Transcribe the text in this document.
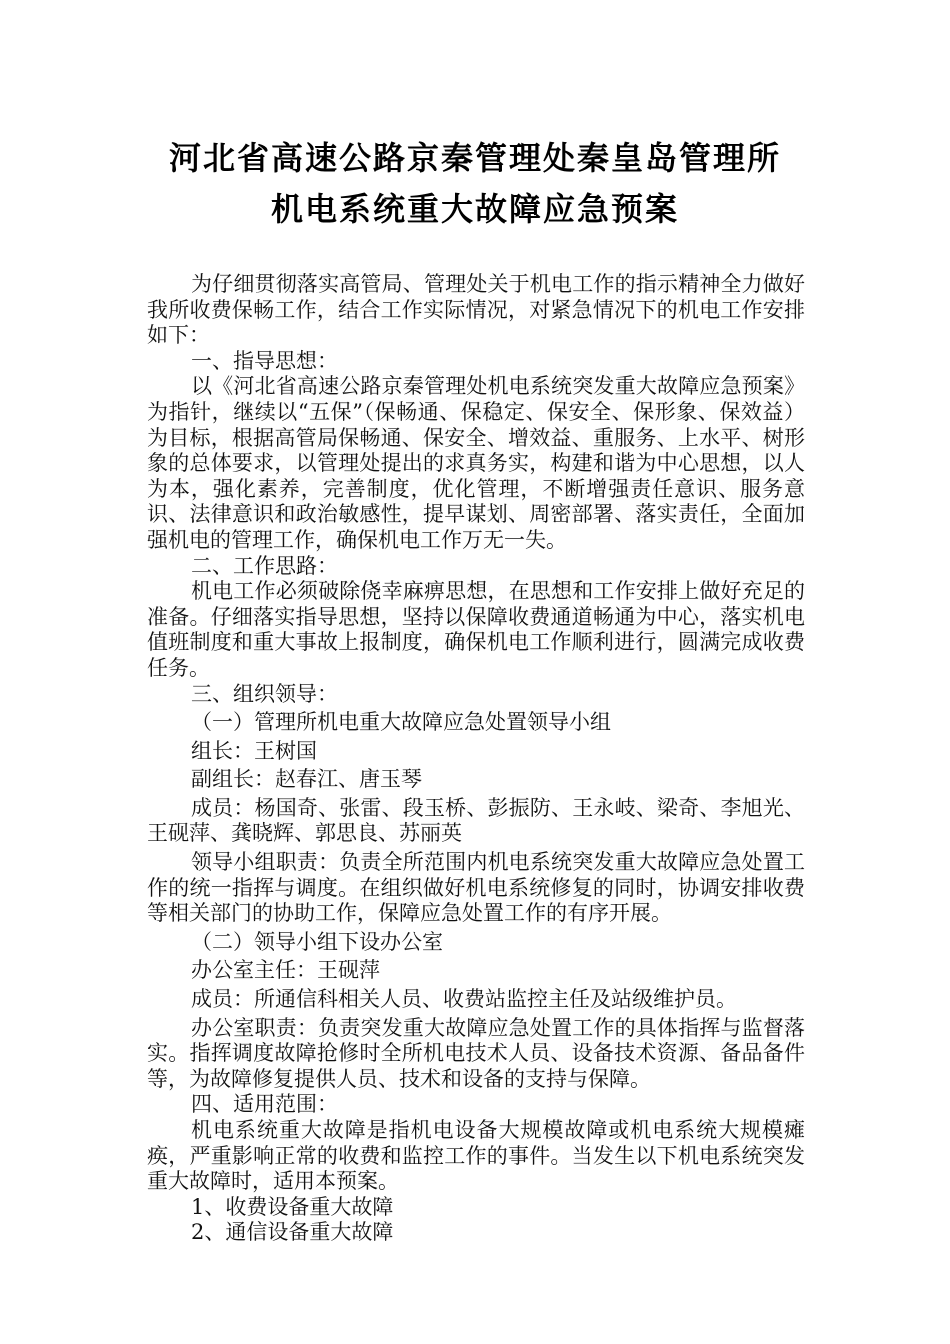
河北省高速公路京秦管理处秦皇岛管理所
机电系统重大故障应急预案

为仔细贯彻落实高管局、管理处关于机电工作的指示精神全力做好我所收费保畅工作，结合工作实际情况，对紧急情况下的机电工作安排如下：

一、指导思想：

以《河北省高速公路京秦管理处机电系统突发重大故障应急预案》为指针，继续以“五保”（保畅通、保稳定、保安全、保形象、保效益）为目标，根据高管局保畅通、保安全、增效益、重服务、上水平、树形象的总体要求，以管理处提出的求真务实，构建和谐为中心思想，以人为本，强化素养，完善制度，优化管理，不断增强责任意识、服务意识、法律意识和政治敏感性，提早谋划、周密部署、落实责任，全面加强机电的管理工作，确保机电工作万无一失。

二、工作思路：

机电工作必须破除侥幸麻痹思想，在思想和工作安排上做好充足的准备。仔细落实指导思想，坚持以保障收费通道畅通为中心，落实机电值班制度和重大事故上报制度，确保机电工作顺利进行，圆满完成收费任务。

三、组织领导：

（一）管理所机电重大故障应急处置领导小组

组长：王树国

副组长：赵春江、唐玉琴

成员：杨国奇、张雷、段玉桥、彭振防、王永岐、梁奇、李旭光、王砚萍、龚晓辉、郭思良、苏丽英

领导小组职责：负责全所范围内机电系统突发重大故障应急处置工作的统一指挥与调度。在组织做好机电系统修复的同时，协调安排收费等相关部门的协助工作，保障应急处置工作的有序开展。

（二）领导小组下设办公室

办公室主任：王砚萍

成员：所通信科相关人员、收费站监控主任及站级维护员。

办公室职责：负责突发重大故障应急处置工作的具体指挥与监督落实。指挥调度故障抢修时全所机电技术人员、设备技术资源、备品备件等，为故障修复提供人员、技术和设备的支持与保障。

四、适用范围：

机电系统重大故障是指机电设备大规模故障或机电系统大规模瘫痪，严重影响正常的收费和监控工作的事件。当发生以下机电系统突发重大故障时，适用本预案。

1、收费设备重大故障

2、通信设备重大故障
